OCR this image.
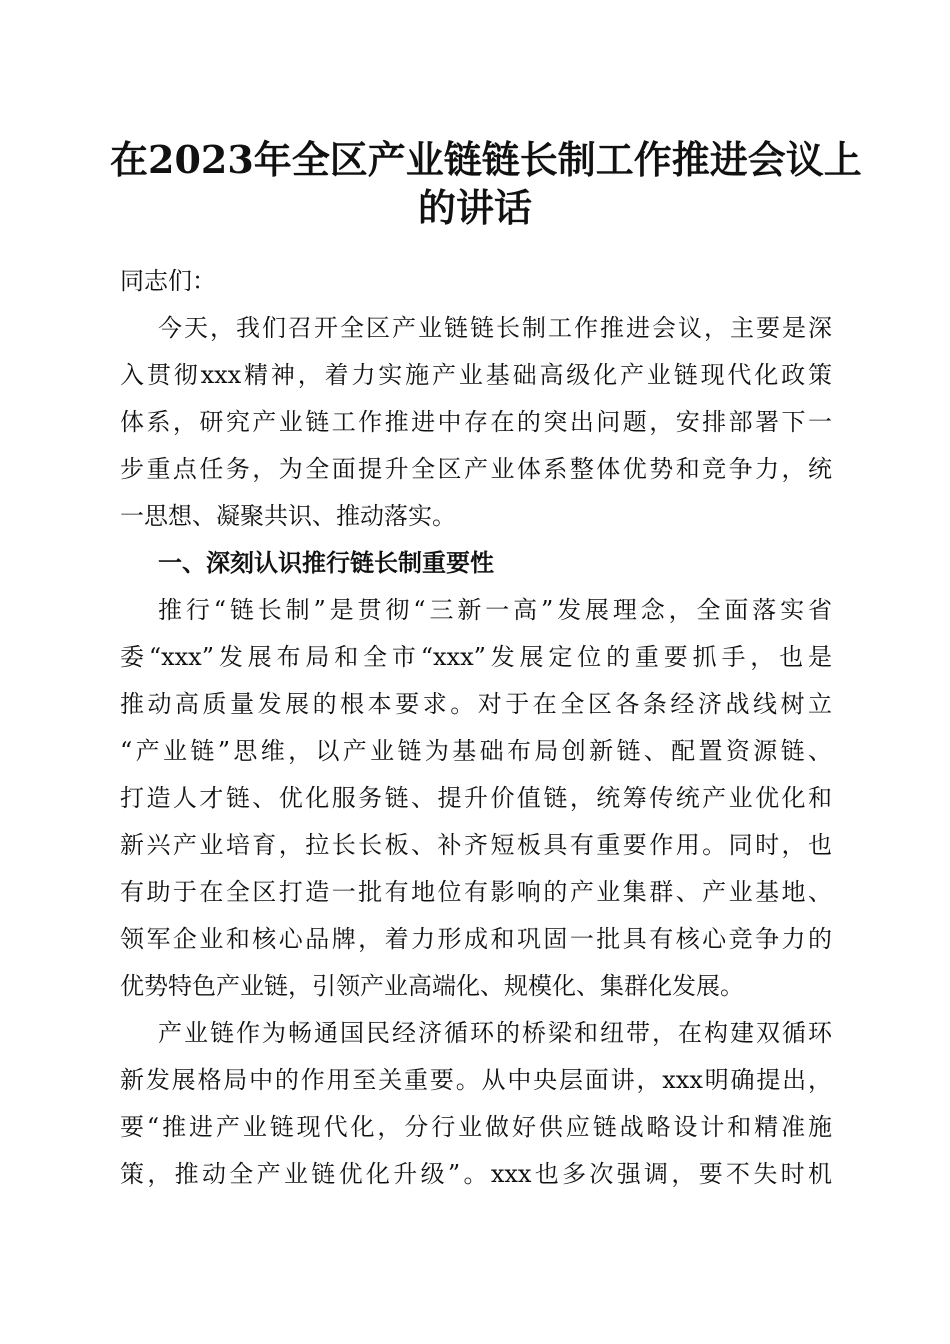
在2023年全区产业链链长制工作推进会议上
的讲话
同志们：
今天，我们召开全区产业链链长制工作推进会议，主要是深
入贯彻xxx精神，着力实施产业基础高级化产业链现代化政策
体系，研究产业链工作推进中存在的突出问题，安排部署下一
步重点任务，为全面提升全区产业体系整体优势和竞争力，统
一思想、凝聚共识、推动落实。
一、深刻认识推行链长制重要性
推行“链长制”是贯彻“三新一高”发展理念，全面落实省
委“xxx”发展布局和全市“xxx”发展定位的重要抓手，也是
推动高质量发展的根本要求。对于在全区各条经济战线树立
“产业链”思维，以产业链为基础布局创新链、配置资源链、
打造人才链、优化服务链、提升价值链，统筹传统产业优化和
新兴产业培育，拉长长板、补齐短板具有重要作用。同时，也
有助于在全区打造一批有地位有影响的产业集群、产业基地、
领军企业和核心品牌，着力形成和巩固一批具有核心竞争力的
优势特色产业链，引领产业高端化、规模化、集群化发展。
产业链作为畅通国民经济循环的桥梁和纽带，在构建双循环
新发展格局中的作用至关重要。从中央层面讲，xxx明确提出，
要“推进产业链现代化，分行业做好供应链战略设计和精准施
策，推动全产业链优化升级”。xxx也多次强调，要不失时机
